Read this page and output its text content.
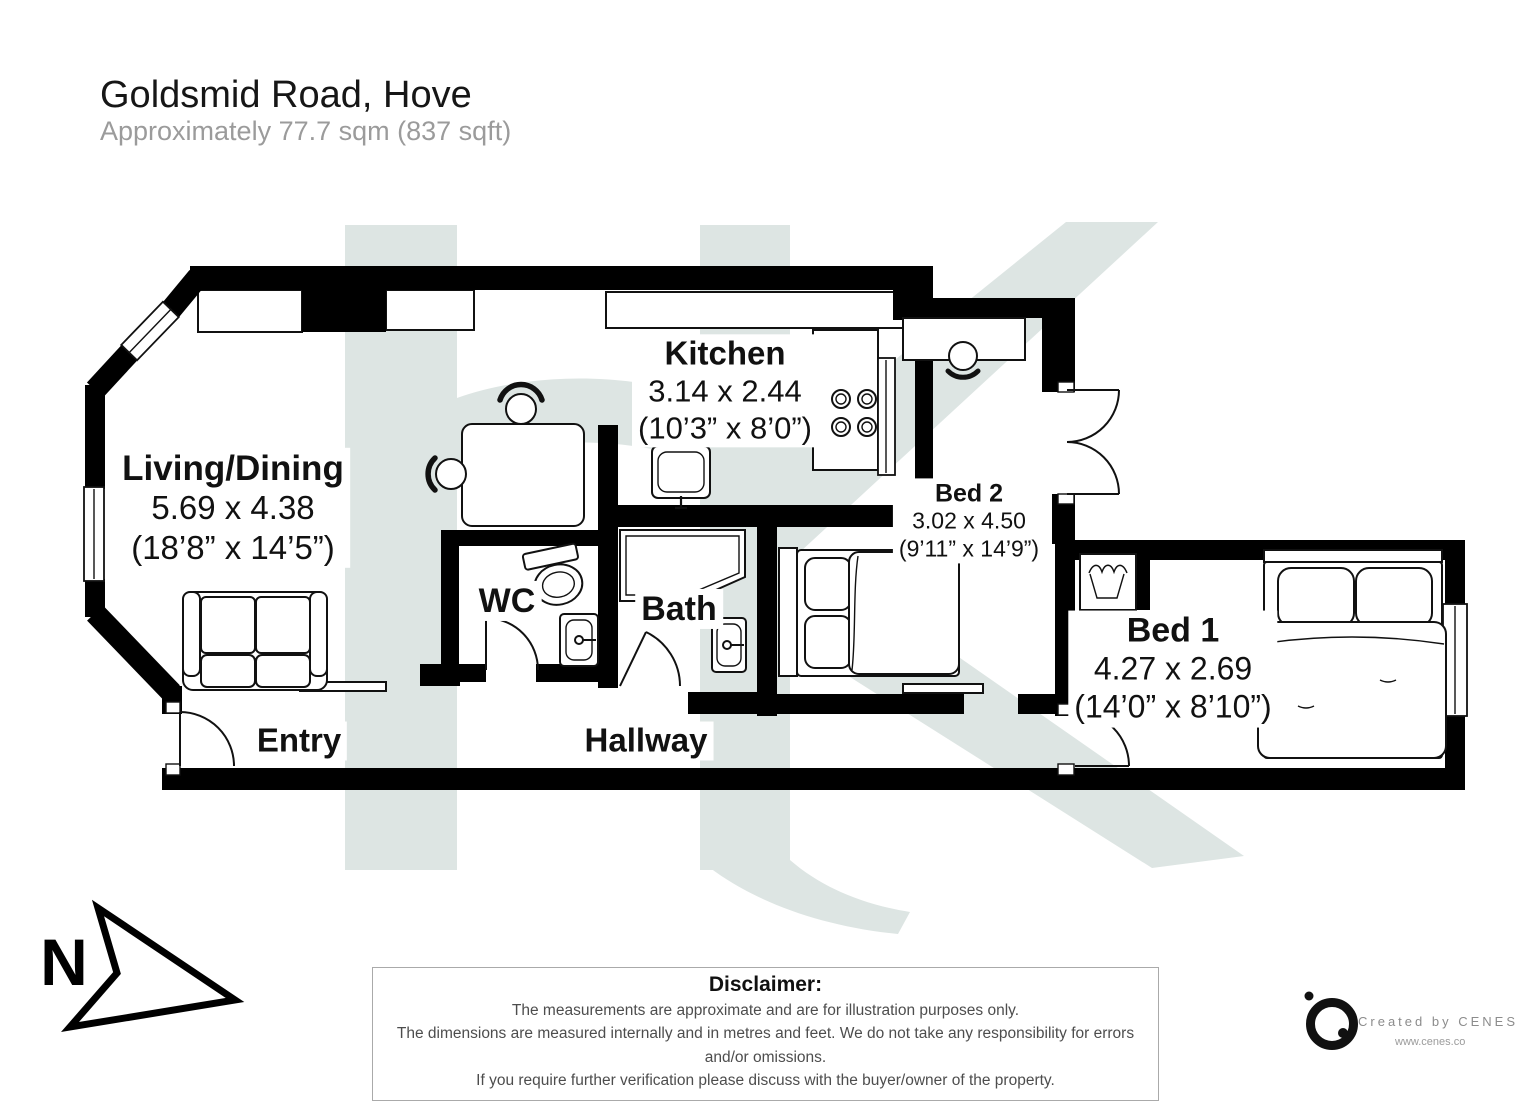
Goldsmid Road, Hove
Approximately 77.7 sqm (837 sqft)
Living/Dining
5.69 x 4.38
(18’8” x 14’5”)
Kitchen
3.14 x 2.44
(10’3” x 8’0”)
WC	Bath
Bed 2
3.02 x 4.50
(9’11” x 14’9”)
Bed 1
4.27 x 2.69
(14’0” x 8’10”)
Entry	Hallway
N	Disclaimer:
The measurements are approximate and are for illustration purposes only.
The dimensions are measured internally and in metres and feet. We do not take any responsibility for errors and/or omissions.
If you require further verification please discuss with the buyer/owner of the property.
Created by CENES
www.cenes.co
